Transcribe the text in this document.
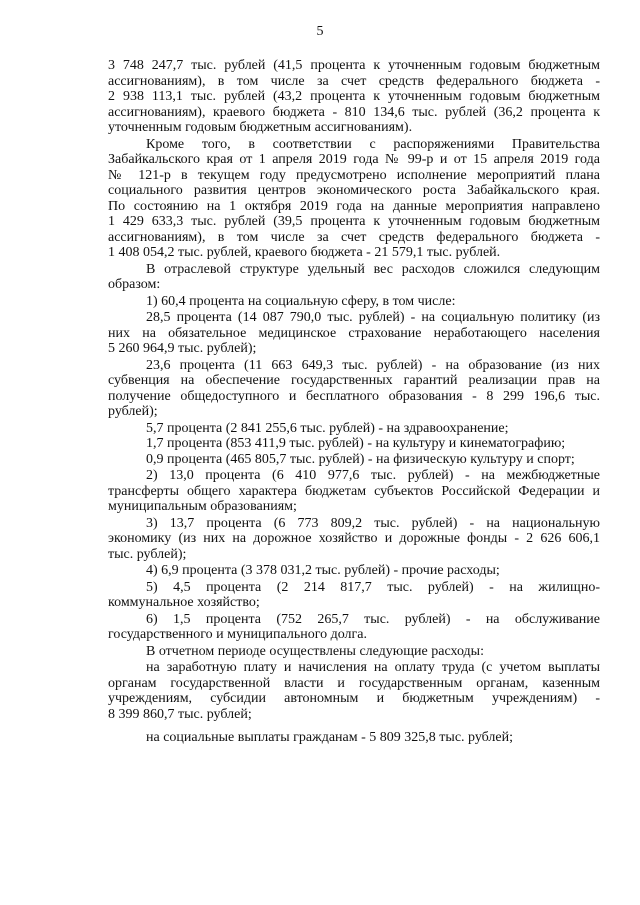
5
3 748 247,7 тыс. рублей (41,5 процента к уточненным годовым бюджетным
ассигнованиям), в том числе за счет средств федерального бюджета -
2 938 113,1 тыс. рублей (43,2 процента к уточненным годовым бюджетным
ассигнованиям), краевого бюджета - 810 134,6 тыс. рублей (36,2 процента к
уточненным годовым бюджетным ассигнованиям).
Кроме того, в соответствии с распоряжениями Правительства
Забайкальского края от 1 апреля 2019 года № 99-р и от 15 апреля 2019 года
№ 121-р в текущем году предусмотрено исполнение мероприятий плана
социального развития центров экономического роста Забайкальского края.
По состоянию на 1 октября 2019 года на данные мероприятия направлено
1 429 633,3 тыс. рублей (39,5 процента к уточненным годовым бюджетным
ассигнованиям), в том числе за счет средств федерального бюджета -
1 408 054,2 тыс. рублей, краевого бюджета - 21 579,1 тыс. рублей.
В отраслевой структуре удельный вес расходов сложился следующим
образом:
1) 60,4 процента на социальную сферу, в том числе:
28,5 процента (14 087 790,0 тыс. рублей) - на социальную политику (из
них на обязательное медицинское страхование неработающего населения
5 260 964,9 тыс. рублей);
23,6 процента (11 663 649,3 тыс. рублей) - на образование (из них
субвенция на обеспечение государственных гарантий реализации прав на
получение общедоступного и бесплатного образования - 8 299 196,6 тыс.
рублей);
5,7 процента (2 841 255,6 тыс. рублей) - на здравоохранение;
1,7 процента (853 411,9 тыс. рублей) - на культуру и кинематографию;
0,9 процента (465 805,7 тыс. рублей) - на физическую культуру и спорт;
2) 13,0 процента (6 410 977,6 тыс. рублей) - на межбюджетные
трансферты общего характера бюджетам субъектов Российской Федерации и
муниципальным образованиям;
3) 13,7 процента (6 773 809,2 тыс. рублей) - на национальную
экономику (из них на дорожное хозяйство и дорожные фонды - 2 626 606,1
тыс. рублей);
4) 6,9 процента (3 378 031,2 тыс. рублей) - прочие расходы;
5) 4,5 процента (2 214 817,7 тыс. рублей) - на жилищно-
коммунальное хозяйство;
6) 1,5 процента (752 265,7 тыс. рублей) - на обслуживание
государственного и муниципального долга.
В отчетном периоде осуществлены следующие расходы:
на заработную плату и начисления на оплату труда (с учетом выплаты
органам государственной власти и государственным органам, казенным
учреждениям, субсидии автономным и бюджетным учреждениям) -
8 399 860,7 тыс. рублей;
на социальные выплаты гражданам - 5 809 325,8 тыс. рублей;
